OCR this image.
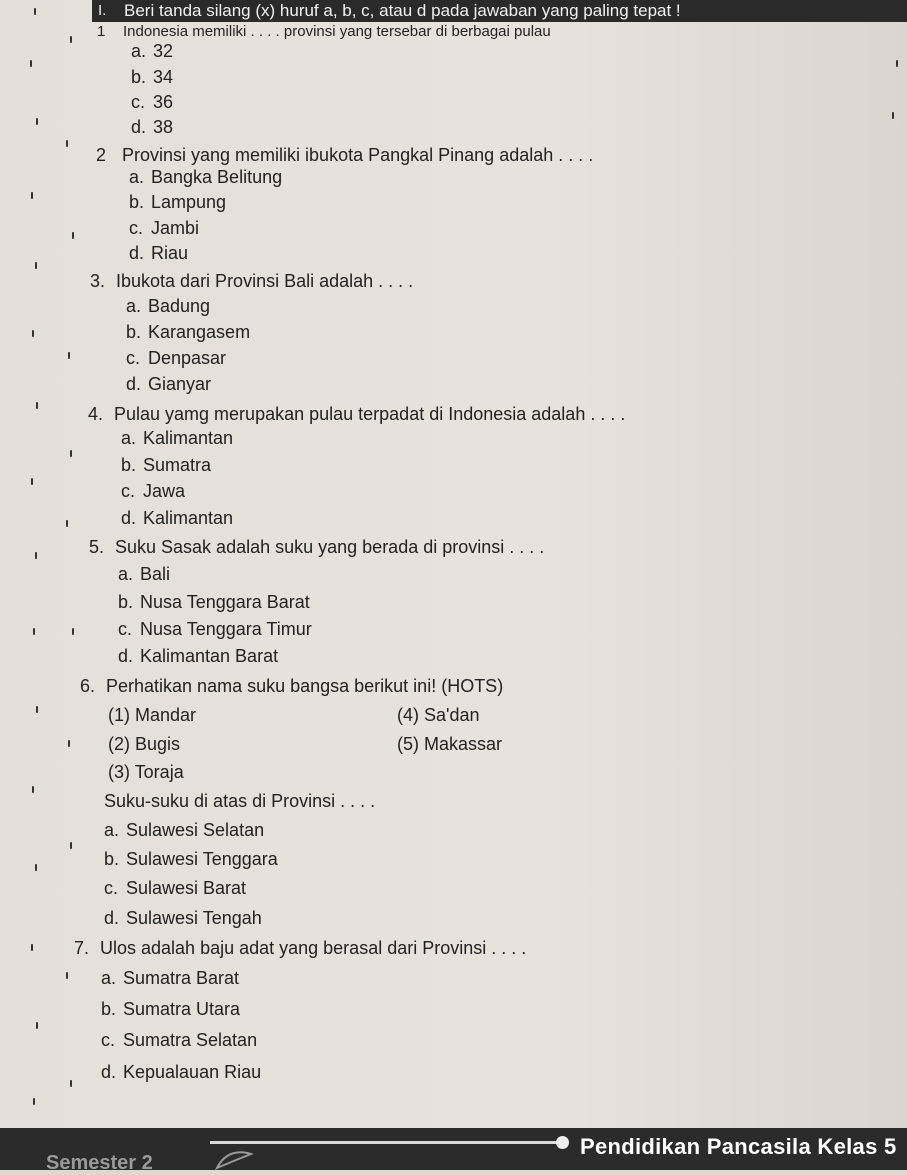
Beri tanda silang (x) huruf a, b, c, atau d pada jawaban yang paling tepat !
I.
1 Indonesia memiliki . . . . provinsi yang tersebar di berbagai pulau
a. 32
b. 34
c. 36
d. 38
2 Provinsi yang memiliki ibukota Pangkal Pinang adalah . . . .
a. Bangka Belitung
b. Lampung
c. Jambi
d. Riau
3. Ibukota dari Provinsi Bali adalah . . . .
a. Badung
b. Karangasem
c. Denpasar
d. Gianyar
4. Pulau yamg merupakan pulau terpadat di Indonesia adalah . . . .
a. Kalimantan
b. Sumatra
c. Jawa
d. Kalimantan
5. Suku Sasak adalah suku yang berada di provinsi . . . .
a. Bali
b. Nusa Tenggara Barat
c. Nusa Tenggara Timur
d. Kalimantan Barat
6. Perhatikan nama suku bangsa berikut ini! (HOTS)
(1) Mandar
(2) Bugis
(3) Toraja
(4) Sa'dan
(5) Makassar
Suku-suku di atas di Provinsi . . . .
a. Sulawesi Selatan
b. Sulawesi Tenggara
c. Sulawesi Barat
d. Sulawesi Tengah
7. Ulos adalah baju adat yang berasal dari Provinsi . . . .
a. Sumatra Barat
b. Sumatra Utara
c. Sumatra Selatan
d. Kepualauan Riau
Pendidikan Pancasila Kelas 5
Semester 2
